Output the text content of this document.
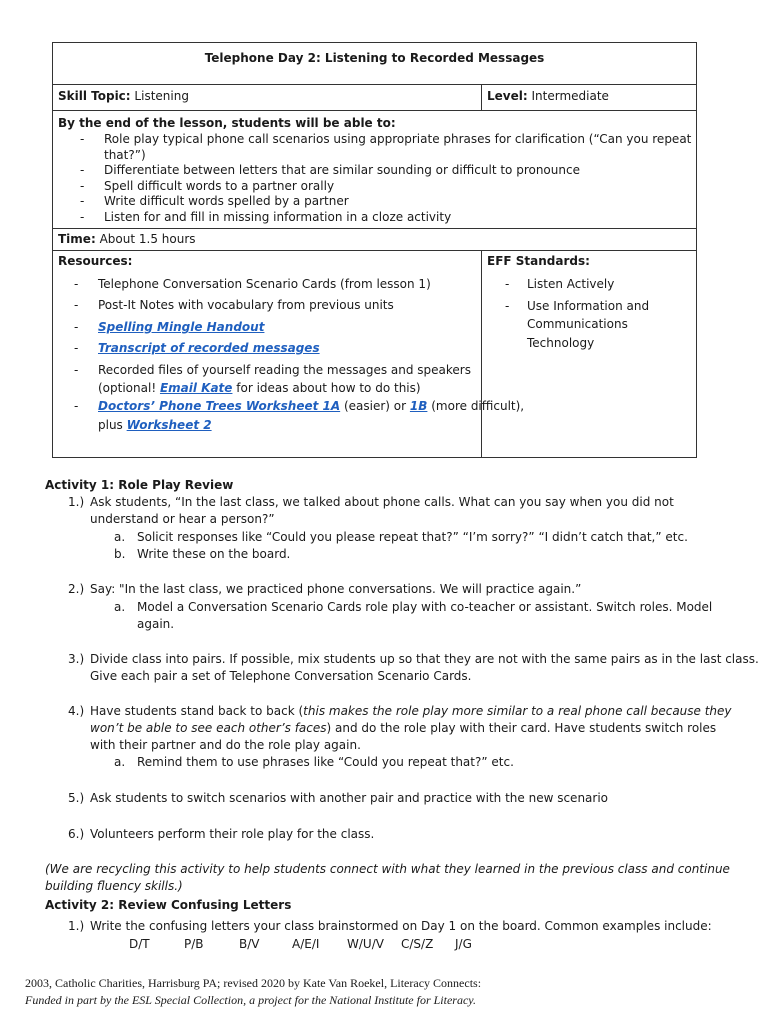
Telephone Day 2: Listening to Recorded Messages
Skill Topic: Listening	Level: Intermediate
By the end of the lesson, students will be able to:
- Role play typical phone call scenarios using appropriate phrases for clarification (“Can you repeat
that?”)
- Differentiate between letters that are similar sounding or difficult to pronounce
- Spell difficult words to a partner orally
- Write difficult words spelled by a partner
- Listen for and fill in missing information in a cloze activity
Time: About 1.5 hours
Resources:
- Telephone Conversation Scenario Cards (from lesson 1)
- Post-It Notes with vocabulary from previous units
- Spelling Mingle Handout
- Transcript of recorded messages
- Recorded files of yourself reading the messages and speakers
(optional! Email Kate for ideas about how to do this)
- Doctors’ Phone Trees Worksheet 1A (easier) or 1B (more difficult),
plus Worksheet 2
EFF Standards:
- Listen Actively
- Use Information and
Communications
Technology
Activity 1: Role Play Review
1.) Ask students, “In the last class, we talked about phone calls. What can you say when you did not
understand or hear a person?”
a. Solicit responses like “Could you please repeat that?” “I’m sorry?” “I didn’t catch that,” etc.
b. Write these on the board.
2.) Say: "In the last class, we practiced phone conversations. We will practice again.”
a. Model a Conversation Scenario Cards role play with co-teacher or assistant. Switch roles. Model
again.
3.) Divide class into pairs. If possible, mix students up so that they are not with the same pairs as in the last class.
Give each pair a set of Telephone Conversation Scenario Cards.
4.) Have students stand back to back (this makes the role play more similar to a real phone call because they
won’t be able to see each other’s faces) and do the role play with their card. Have students switch roles
with their partner and do the role play again.
a. Remind them to use phrases like “Could you repeat that?” etc.
5.) Ask students to switch scenarios with another pair and practice with the new scenario
6.) Volunteers perform their role play for the class.
(We are recycling this activity to help students connect with what they learned in the previous class and continue
building fluency skills.)
Activity 2: Review Confusing Letters
1.) Write the confusing letters your class brainstormed on Day 1 on the board. Common examples include:
D/T	P/B	B/V	A/E/I W/U/V C/S/Z J/G
2003, Catholic Charities, Harrisburg PA; revised 2020 by Kate Van Roekel, Literacy Connects:
Funded in part by the ESL Special Collection, a project for the National Institute for Literacy.
